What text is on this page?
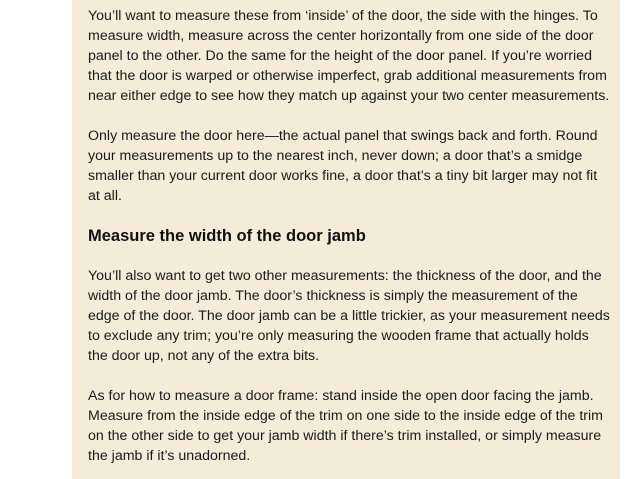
You’ll want to measure these from ‘inside’ of the door, the side with the hinges. To measure width, measure across the center horizontally from one side of the door panel to the other. Do the same for the height of the door panel. If you’re worried that the door is warped or otherwise imperfect, grab additional measurements from near either edge to see how they match up against your two center measurements.

Only measure the door here—the actual panel that swings back and forth. Round your measurements up to the nearest inch, never down; a door that’s a smidge smaller than your current door works fine, a door that’s a tiny bit larger may not fit at all.

Measure the width of the door jamb

You’ll also want to get two other measurements: the thickness of the door, and the width of the door jamb. The door’s thickness is simply the measurement of the edge of the door. The door jamb can be a little trickier, as your measurement needs to exclude any trim; you’re only measuring the wooden frame that actually holds the door up, not any of the extra bits.

As for how to measure a door frame: stand inside the open door facing the jamb. Measure from the inside edge of the trim on one side to the inside edge of the trim on the other side to get your jamb width if there’s trim installed, or simply measure the jamb if it’s unadorned.
